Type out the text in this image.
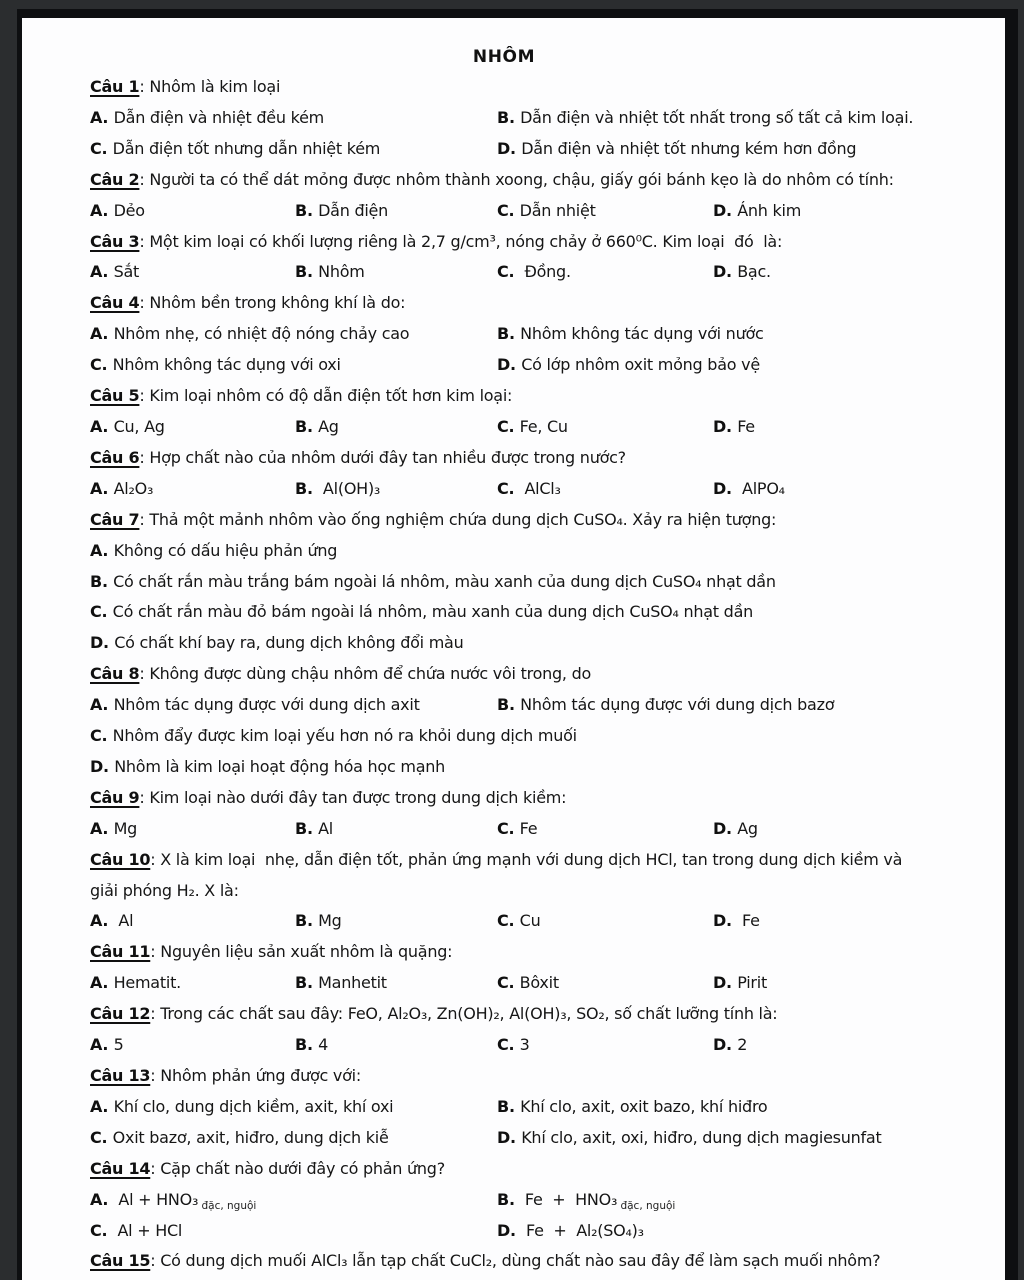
NHÔM
Câu 1: Nhôm là kim loại
A. Dẫn điện và nhiệt đều kém	B. Dẫn điện và nhiệt tốt nhất trong số tất cả kim loại.
C. Dẫn điện tốt nhưng dẫn nhiệt kém	D. Dẫn điện và nhiệt tốt nhưng kém hơn đồng
Câu 2: Người ta có thể dát mỏng được nhôm thành xoong, chậu, giấy gói bánh kẹo là do nhôm có tính:
A. Dẻo	B. Dẫn điện	C. Dẫn nhiệt	D. Ánh kim
Câu 3: Một kim loại có khối lượng riêng là 2,7 g/cm³, nóng chảy ở 660⁰C. Kim loại  đó  là:
A. Sắt	B. Nhôm	C.  Đồng.	D. Bạc.
Câu 4: Nhôm bền trong không khí là do:
A. Nhôm nhẹ, có nhiệt độ nóng chảy cao	B. Nhôm không tác dụng với nước
C. Nhôm không tác dụng với oxi	D. Có lớp nhôm oxit mỏng bảo vệ
Câu 5: Kim loại nhôm có độ dẫn điện tốt hơn kim loại:
A. Cu, Ag	B. Ag	C. Fe, Cu	D. Fe
Câu 6: Hợp chất nào của nhôm dưới đây tan nhiều được trong nước?
A. Al₂O₃	B.  Al(OH)₃	C.  AlCl₃	D.  AlPO₄
Câu 7: Thả một mảnh nhôm vào ống nghiệm chứa dung dịch CuSO₄. Xảy ra hiện tượng:
A. Không có dấu hiệu phản ứng
B. Có chất rắn màu trắng bám ngoài lá nhôm, màu xanh của dung dịch CuSO₄ nhạt dần
C. Có chất rắn màu đỏ bám ngoài lá nhôm, màu xanh của dung dịch CuSO₄ nhạt dần
D. Có chất khí bay ra, dung dịch không đổi màu
Câu 8: Không được dùng chậu nhôm để chứa nước vôi trong, do
A. Nhôm tác dụng được với dung dịch axit	B. Nhôm tác dụng được với dung dịch bazơ
C. Nhôm đẩy được kim loại yếu hơn nó ra khỏi dung dịch muối
D. Nhôm là kim loại hoạt động hóa học mạnh
Câu 9: Kim loại nào dưới đây tan được trong dung dịch kiềm:
A. Mg	B. Al	C. Fe	D. Ag
Câu 10: X là kim loại  nhẹ, dẫn điện tốt, phản ứng mạnh với dung dịch HCl, tan trong dung dịch kiềm và
giải phóng H₂. X là:
A.  Al	B. Mg	C. Cu	D.  Fe
Câu 11: Nguyên liệu sản xuất nhôm là quặng:
A. Hematit.	B. Manhetit	C. Bôxit	D. Pirit
Câu 12: Trong các chất sau đây: FeO, Al₂O₃, Zn(OH)₂, Al(OH)₃, SO₂, số chất lưỡng tính là:
A. 5	B. 4	C. 3	D. 2
Câu 13: Nhôm phản ứng được với:
A. Khí clo, dung dịch kiềm, axit, khí oxi	B. Khí clo, axit, oxit bazo, khí hiđro
C. Oxit bazơ, axit, hiđro, dung dịch kiễ	D. Khí clo, axit, oxi, hiđro, dung dịch magiesunfat
Câu 14: Cặp chất nào dưới đây có phản ứng?
A.  Al + HNO₃ $_{đặc, nguội}$	B.  Fe  +  HNO₃ $_{đặc, nguội}$
C.  Al + HCl	D.  Fe  +  Al₂(SO₄)₃
Câu 15: Có dung dịch muối AlCl₃ lẫn tạp chất CuCl₂, dùng chất nào sau đây để làm sạch muối nhôm?
